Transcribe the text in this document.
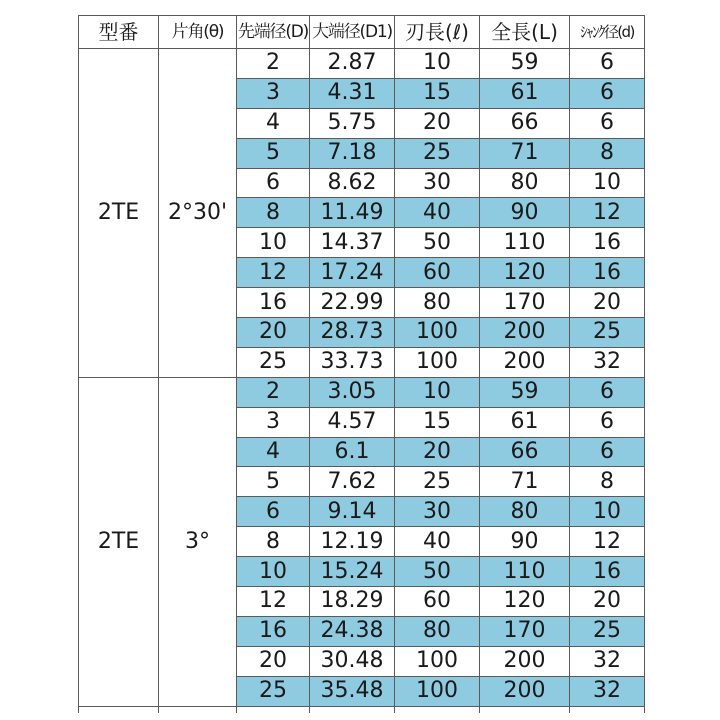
型番	片角(θ)	先端径(D)	大端径(D1)	刃長(ℓ)	全長(L)	ｼｬﾝｸ径(d)
2TE	2°30'	2	2.87	10	59	6
		3	4.31	15	61	6
		4	5.75	20	66	6
		5	7.18	25	71	8
		6	8.62	30	80	10
		8	11.49	40	90	12
		10	14.37	50	110	16
		12	17.24	60	120	16
		16	22.99	80	170	20
		20	28.73	100	200	25
		25	33.73	100	200	32
2TE	3°	2	3.05	10	59	6
		3	4.57	15	61	6
		4	6.1	20	66	6
		5	7.62	25	71	8
		6	9.14	30	80	10
		8	12.19	40	90	12
		10	15.24	50	110	16
		12	18.29	60	120	20
		16	24.38	80	170	25
		20	30.48	100	200	32
		25	35.48	100	200	32
